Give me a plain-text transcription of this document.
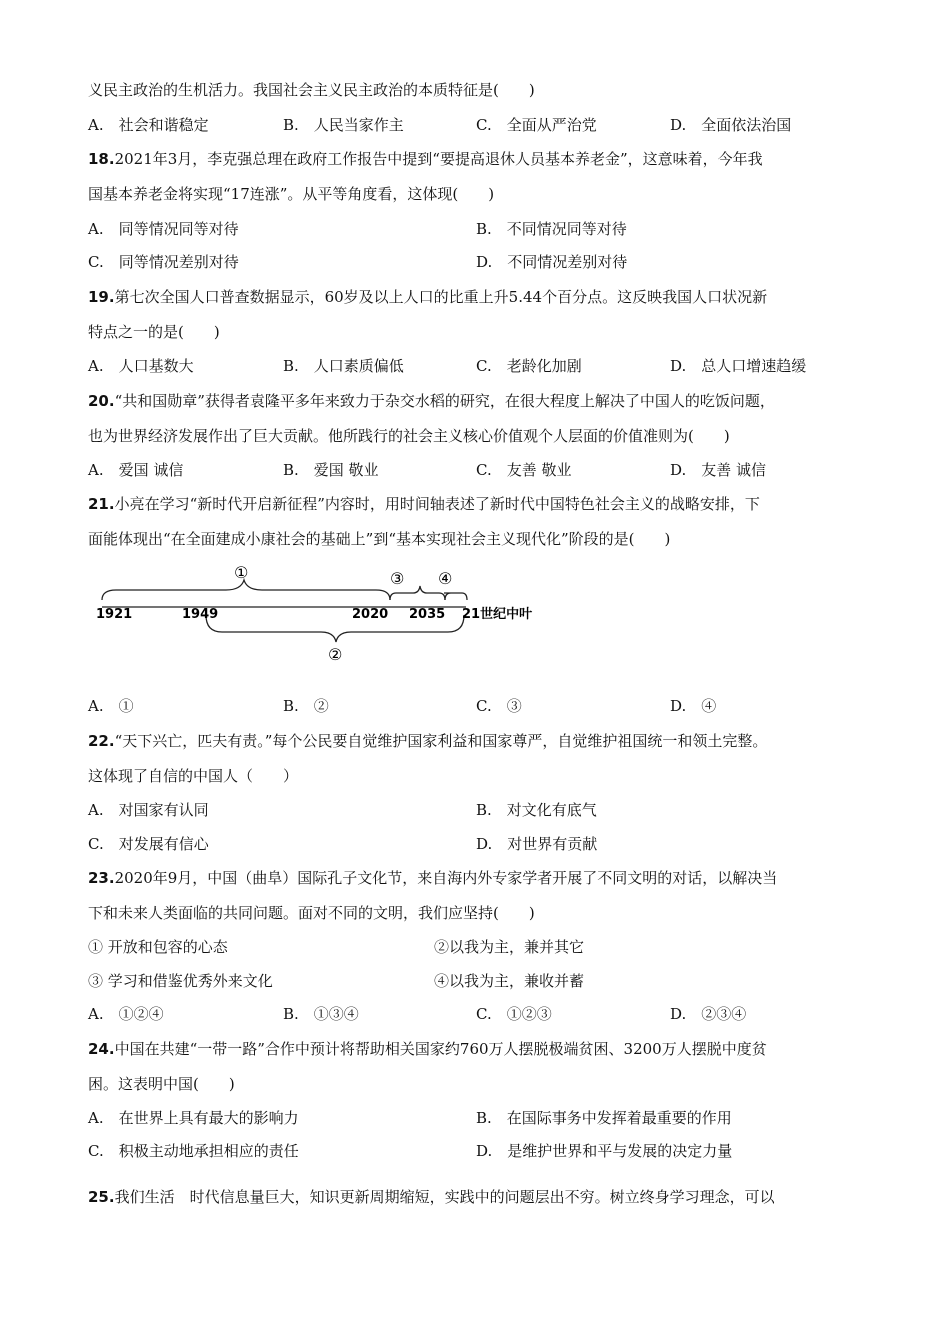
义民主政治的生机活力。我国社会主义民主政治的本质特征是(　　)
A.　社会和谐稳定	B.　人民当家作主	C.　全面从严治党	D.　全面依法治国
18.2021年3月，李克强总理在政府工作报告中提到“要提高退休人员基本养老金”，这意味着，今年我
国基本养老金将实现“17连涨”。从平等角度看，这体现(　　)
A.　同等情况同等对待	B.　不同情况同等对待
C.　同等情况差别对待	D.　不同情况差别对待
19.第七次全国人口普查数据显示，60岁及以上人口的比重上升5.44个百分点。这反映我国人口状况新
特点之一的是(　　)
A.　人口基数大	B.　人口素质偏低	C.　老龄化加剧	D.　总人口增速趋缓
20.“共和国勋章”获得者袁隆平多年来致力于杂交水稻的研究，在很大程度上解决了中国人的吃饭问题，
也为世界经济发展作出了巨大贡献。他所践行的社会主义核心价值观个人层面的价值准则为(　　)
A.　爱国 诚信	B.　爱国 敬业	C.　友善 敬业	D.　友善 诚信
21.小亮在学习“新时代开启新征程”内容时，用时间轴表述了新时代中国特色社会主义的战略安排，下
面能体现出“在全面建成小康社会的基础上”到“基本实现社会主义现代化”阶段的是(　　)
1921	1949	2020 2035 21世纪中叶
①
②
③ ④
A.　①	B.　②	C.　③	D.　④
22.“天下兴亡，匹夫有责。”每个公民要自觉维护国家利益和国家尊严，自觉维护祖国统一和领土完整。
这体现了自信的中国人（　　）
A.　对国家有认同	B.　对文化有底气
C.　对发展有信心	D.　对世界有贡献
23.2020年9月，中国（曲阜）国际孔子文化节，来自海内外专家学者开展了不同文明的对话，以解决当
下和未来人类面临的共同问题。面对不同的文明，我们应坚持(　　)
① 开放和包容的心态	②以我为主，兼并其它
③ 学习和借鉴优秀外来文化	④以我为主，兼收并蓄
A.　①②④	B.　①③④	C.　①②③	D.　②③④
24.中国在共建“一带一路”合作中预计将帮助相关国家约760万人摆脱极端贫困、3200万人摆脱中度贫
困。这表明中国(　　)
A.　在世界上具有最大的影响力	B.　在国际事务中发挥着最重要的作用
C.　积极主动地承担相应的责任	D.　是维护世界和平与发展的决定力量
25.我们生活　时代信息量巨大，知识更新周期缩短，实践中的问题层出不穷。树立终身学习理念，可以
